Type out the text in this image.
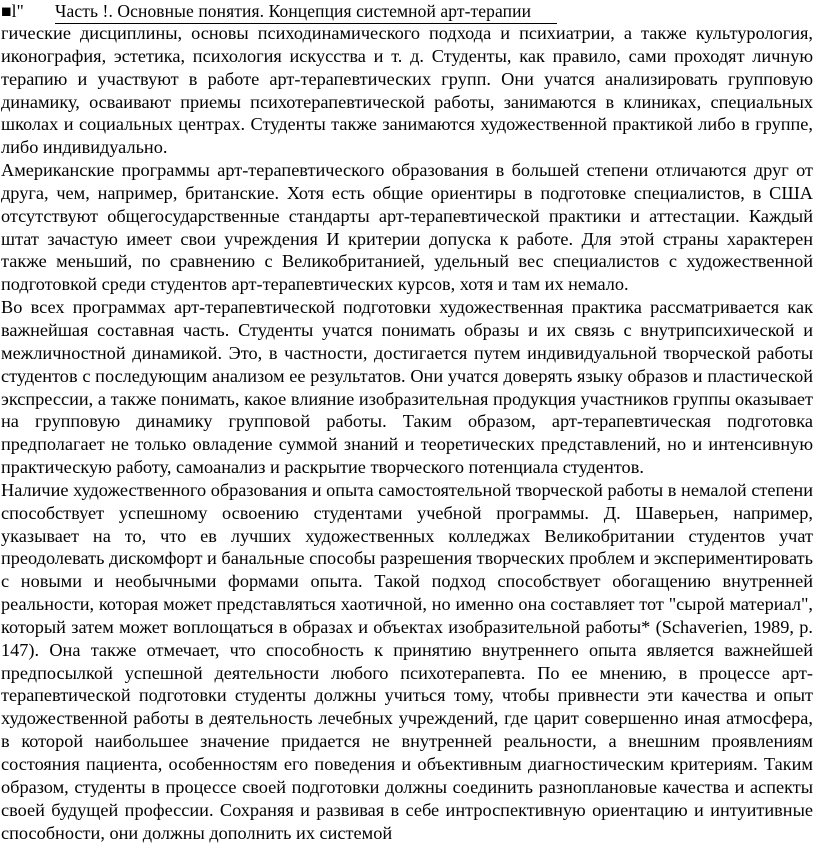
■l"	Часть !. Основные понятия. Концепция системной арт-терапии

гические дисциплины, основы психодинамического подхода и психиатрии, а также культурология, иконография, эстетика, психология искусства и т. д. Студенты, как правило, сами проходят личную терапию и участвуют в работе арт-терапевтических групп. Они учатся анализировать групповую динамику, осваивают приемы психотерапевтической работы, занимаются в клиниках, специальных школах и социальных центрах. Студенты также занимаются художественной практикой либо в группе, либо индивидуально.

Американские программы арт-терапевтического образования в большей степени отличаются друг от друга, чем, например, британские. Хотя есть общие ориентиры в подготовке специалистов, в США отсутствуют общегосударственные стандарты арт-терапевтической практики и аттестации. Каждый штат зачастую имеет свои учреждения И критерии допуска к работе. Для этой страны характерен также меньший, по сравнению с Великобританией, удельный вес специалистов с художественной подготовкой среди студентов арт-терапевтических курсов, хотя и там их немало.

Во всех программах арт-терапевтической подготовки художественная практика рассматривается как важнейшая составная часть. Студенты учатся понимать образы и их связь с внутрипсихической и межличностной динамикой. Это, в частности, достигается путем индивидуальной творческой работы студентов с последующим анализом ее результатов. Они учатся доверять языку образов и пластической экспрессии, а также понимать, какое влияние изобразительная продукция участников группы оказывает на групповую динамику групповой работы. Таким образом, арт-терапевтическая подготовка предполагает не только овладение суммой знаний и теоретических представлений, но и интенсивную практическую работу, самоанализ и раскрытие творческого потенциала студентов.

Наличие художественного образования и опыта самостоятельной творческой работы в немалой степени способствует успешному освоению студентами учебной программы. Д. Шаверьен, например, указывает на то, что ев лучших художественных колледжах Великобритании студентов учат преодолевать дискомфорт и банальные способы разрешения творческих проблем и экспериментировать с новыми и необычными формами опыта. Такой подход способствует обогащению внутренней реальности, которая может представляться хаотичной, но именно она составляет тот "сырой материал", который затем может воплощаться в образах и объектах изобразительной работы* (Schaverien, 1989, р. 147). Она также отмечает, что способность к принятию внутреннего опыта является важнейшей предпосылкой успешной деятельности любого психотерапевта. По ее мнению, в процессе арт-терапевтической подготовки студенты должны учиться тому, чтобы привнести эти качества и опыт художественной работы в деятельность лечебных учреждений, где царит совершенно иная атмосфера, в которой наибольшее значение придается не внутренней реальности, а внешним проявлениям состояния пациента, особенностям его поведения и объективным диагностическим критериям. Таким образом, студенты в процессе своей подготовки должны соединить разноплановые качества и аспекты своей будущей профессии. Сохраняя и развивая в себе интроспективную ориентацию и интуитивные способности, они должны дополнить их системой
